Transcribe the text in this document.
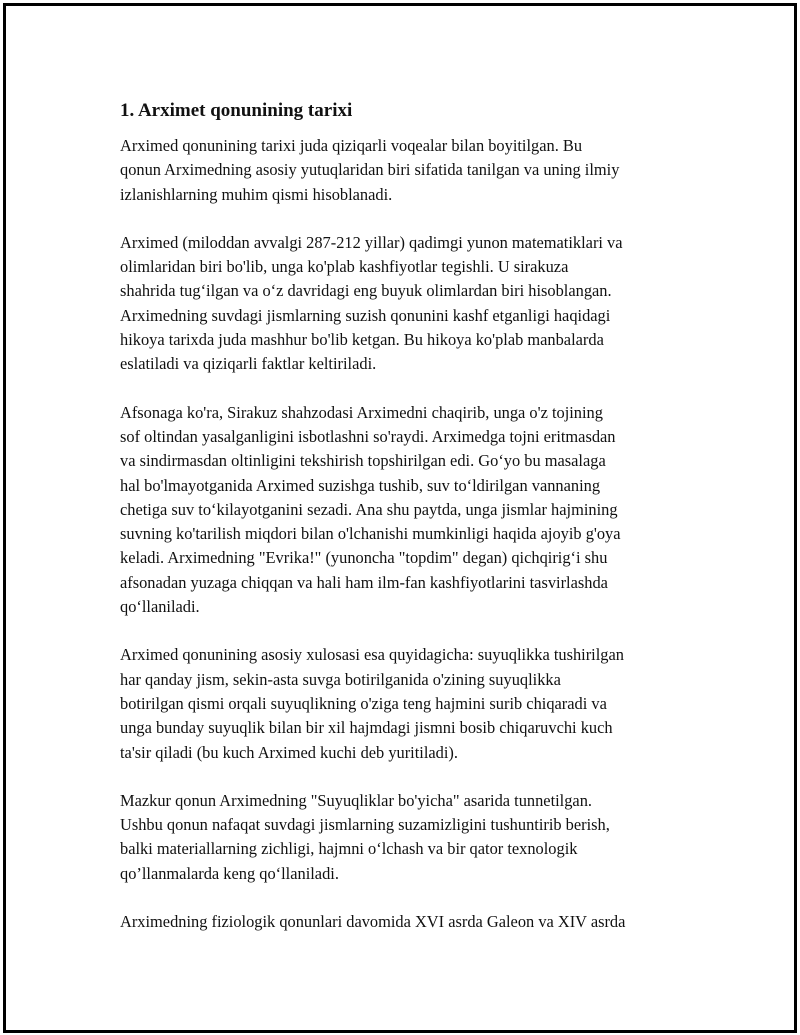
1. Arximet qonunining tarixi

Arximed qonunining tarixi juda qiziqarli voqealar bilan boyitilgan. Bu
qonun Arximedning asosiy yutuqlaridan biri sifatida tanilgan va uning ilmiy
izlanishlarning muhim qismi hisoblanadi.

Arximed (miloddan avvalgi 287-212 yillar) qadimgi yunon matematiklari va
olimlaridan biri bo'lib, unga ko'plab kashfiyotlar tegishli. U sirakuza
shahrida tug‘ilgan va o‘z davridagi eng buyuk olimlardan biri hisoblangan.
Arximedning suvdagi jismlarning suzish qonunini kashf etganligi haqidagi
hikoya tarixda juda mashhur bo'lib ketgan. Bu hikoya ko'plab manbalarda
eslatiladi va qiziqarli faktlar keltiriladi.

Afsonaga ko'ra, Sirakuz shahzodasi Arximedni chaqirib, unga o'z tojining
sof oltindan yasalganligini isbotlashni so'raydi. Arximedga tojni eritmasdan
va sindirmasdan oltinligini tekshirish topshirilgan edi. Go‘yo bu masalaga
hal bo'lmayotganida Arximed suzishga tushib, suv to‘ldirilgan vannaning
chetiga suv to‘kilayotganini sezadi. Ana shu paytda, unga jismlar hajmining
suvning ko'tarilish miqdori bilan o'lchanishi mumkinligi haqida ajoyib g'oya
keladi. Arximedning "Evrika!" (yunoncha "topdim" degan) qichqirig‘i shu
afsonadan yuzaga chiqqan va hali ham ilm-fan kashfiyotlarini tasvirlashda
qo‘llaniladi.

Arximed qonunining asosiy xulosasi esa quyidagicha: suyuqlikka tushirilgan
har qanday jism, sekin-asta suvga botirilganida o'zining suyuqlikka
botirilgan qismi orqali suyuqlikning o'ziga teng hajmini surib chiqaradi va
unga bunday suyuqlik bilan bir xil hajmdagi jismni bosib chiqaruvchi kuch
ta'sir qiladi (bu kuch Arximed kuchi deb yuritiladi).

Mazkur qonun Arximedning "Suyuqliklar bo'yicha" asarida tunnetilgan.
Ushbu qonun nafaqat suvdagi jismlarning suzamizligini tushuntirib berish,
balki materiallarning zichligi, hajmni o‘lchash va bir qator texnologik
qo’llanmalarda keng qo‘llaniladi.

Arximedning fiziologik qonunlari davomida XVI asrda Galeon va XIV asrda
